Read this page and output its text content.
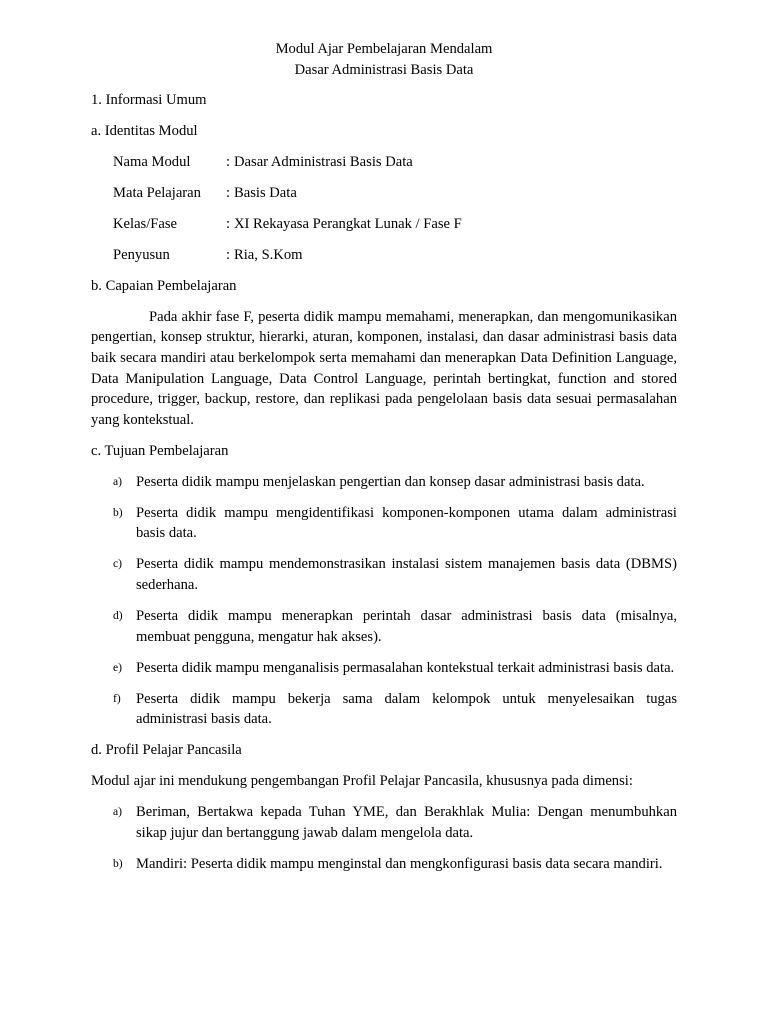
Modul Ajar Pembelajaran Mendalam
Dasar Administrasi Basis Data
1. Informasi Umum
a. Identitas Modul
Nama Modul	: Dasar Administrasi Basis Data
Mata Pelajaran	: Basis Data
Kelas/Fase	: XI Rekayasa Perangkat Lunak / Fase F
Penyusun	: Ria, S.Kom
b. Capaian Pembelajaran

Pada akhir fase F, peserta didik mampu memahami, menerapkan, dan mengomunikasikan pengertian, konsep struktur, hierarki, aturan, komponen, instalasi, dan dasar administrasi basis data baik secara mandiri atau berkelompok serta memahami dan menerapkan Data Definition Language, Data Manipulation Language, Data Control Language, perintah bertingkat, function and stored procedure, trigger, backup, restore, dan replikasi pada pengelolaan basis data sesuai permasalahan yang kontekstual.

c. Tujuan Pembelajaran
a) Peserta didik mampu menjelaskan pengertian dan konsep dasar administrasi basis data.
b) Peserta didik mampu mengidentifikasi komponen-komponen utama dalam administrasi basis data.
c) Peserta didik mampu mendemonstrasikan instalasi sistem manajemen basis data (DBMS) sederhana.
d) Peserta didik mampu menerapkan perintah dasar administrasi basis data (misalnya, membuat pengguna, mengatur hak akses).
e) Peserta didik mampu menganalisis permasalahan kontekstual terkait administrasi basis data.
f)	Peserta didik mampu bekerja sama dalam kelompok untuk menyelesaikan tugas administrasi basis data.
d. Profil Pelajar Pancasila

Modul ajar ini mendukung pengembangan Profil Pelajar Pancasila, khususnya pada dimensi:

a) Beriman, Bertakwa kepada Tuhan YME, dan Berakhlak Mulia: Dengan menumbuhkan sikap jujur dan bertanggung jawab dalam mengelola data.
b) Mandiri: Peserta didik mampu menginstal dan mengkonfigurasi basis data secara mandiri.
